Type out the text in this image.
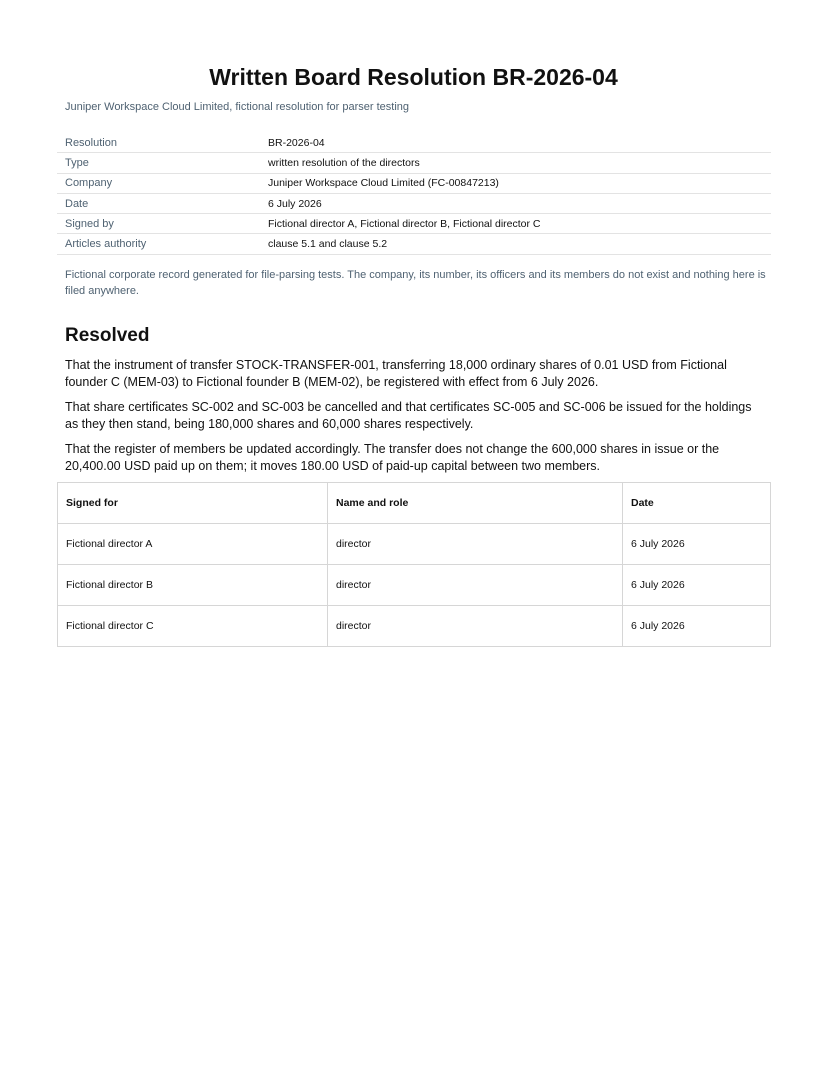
Written Board Resolution BR-2026-04

Juniper Workspace Cloud Limited, fictional resolution for parser testing

Resolution	BR-2026-04
Type	written resolution of the directors
Company	Juniper Workspace Cloud Limited (FC-00847213)
Date	6 July 2026
Signed by	Fictional director A, Fictional director B, Fictional director C
Articles authority	clause 5.1 and clause 5.2

Fictional corporate record generated for file-parsing tests. The company, its number, its officers and its members do not exist and nothing here is filed anywhere.

Resolved

That the instrument of transfer STOCK-TRANSFER-001, transferring 18,000 ordinary shares of 0.01 USD from Fictional founder C (MEM-03) to Fictional founder B (MEM-02), be registered with effect from 6 July 2026.

That share certificates SC-002 and SC-003 be cancelled and that certificates SC-005 and SC-006 be issued for the holdings as they then stand, being 180,000 shares and 60,000 shares respectively.

That the register of members be updated accordingly. The transfer does not change the 600,000 shares in issue or the 20,400.00 USD paid up on them; it moves 180.00 USD of paid-up capital between two members.

Signed for	Name and role	Date
Fictional director A	director	6 July 2026
Fictional director B	director	6 July 2026
Fictional director C	director	6 July 2026
